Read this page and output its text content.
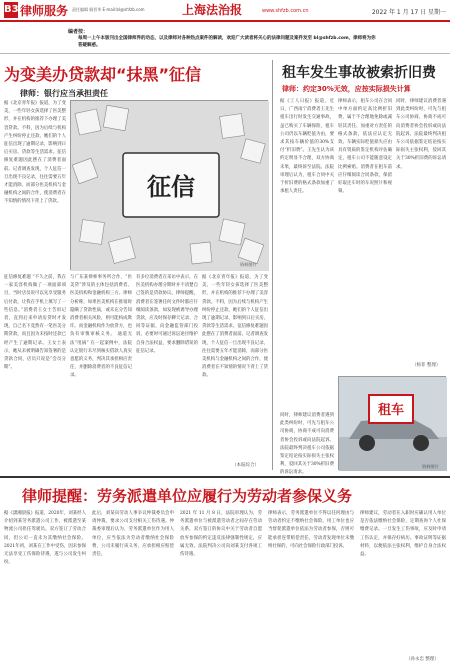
B3 律师服务 责任编辑 顾晋华 E-mail:bl@shfzb.com	上海法治报	www.shfzb.com.cn	2022 年 1 月 17 日 星期一
编者按：
每周一上午本版刊出全国律师界的动态，以及律师对各种热点案件的解读，欢迎广大读者将关心的法律问题及案件发至 bl@shfzb.com，律师将为你答疑解惑。
为变美办贷款却“抹黑”征信
律师：银行应当承担责任
据《北京青年报》报道，为了变美，一些年轻女孩选择了医美整形，并在机构的推荐下办理了美容贷款。不料，因为后续与机构产生纠纷停止还款，她们的个人征信出现了逾期记录，影响到日后买房、贷款等生活需求。征信修复难题因此摆在了消费者面前。记者调查发现，个人征信一旦出现不良记录，往往需要五年才能消除，而部分医美机构与金融机构之间的合作，使消费者在不知情的情况下背上了贷款。
征信
资料图片
征信修复难题 “不久之前，我在一家美容机构做了一项面部项目，当时店员说可以先享受服务后付款，让我在手机上填写了一些信息。”消费者王女士告诉记者，直到后来申请房贷时才发现，自己名下竟然有一笔医美分期贷款，而且因为未按时还款已经产生了逾期记录。王女士表示，她从未被明确告知签署的是贷款合同，店员只说是“会员分期”。
与广东某律师事务所合作，“医美贷”涉及的主体包括消费者、医美机构和金融机构三方。律师分析称，如果医美机构在推销时隐瞒了贷款性质，或未充分告知消费者相关风险，则可能构成欺诈。而金融机构作为放贷方，也负有审慎审核义务。 通道无法“甩锅” 在一起案例中，法院认定银行未尽到核实借款人真实意愿的义务，判决其承担相应责任，并删除消费者的不良征信记录。
有多位消费者在采访中表示，在医美机构办理分期时并不清楚自己签的是贷款协议。律师提醒，消费者在签署任何文件时都应仔细阅读条款，如发现被诱导办理贷款，应及时保存聊天记录、合同等证据，向金融监管部门投诉，必要时可通过诉讼途径维护自身合法权益，要求删除错误的征信记录。
据《北京青年报》报道，为了变美，一些年轻女孩选择了医美整形，并在机构的推荐下办理了美容贷款。不料，因为后续与机构产生纠纷停止还款，她们的个人征信出现了逾期记录，影响到日后买房、贷款等生活需求。征信修复难题因此摆在了消费者面前。记者调查发现，个人征信一旦出现不良记录，往往需要五年才能消除，而部分医美机构与金融机构之间的合作，使消费者在不知情的情况下背上了贷款。
（本报综合）
租车发生事故被索折旧费
律师：约定30%无效，应按实际损失计算
据《工人日报》报道，近日，广西南宁消费者王先生租车出行时发生交通事故，虽已购买了车辆保险，租车公司仍以车辆贬值为由，要求其按车辆价值的30%支付“折旧费”。王先生认为该约定明显不合理，双方协商未果，最终诉至法院。法院审理后认为，租车合同中关于折旧费的格式条款加重了承租人责任。
律师表示，租车公司在合同中单方面约定高比例折旧费，属于不合理地免除或减轻其责任、加重对方责任的格式条款，依法应认定无效。车辆实际贬值损失应由具有资质的鉴定机构评估确定，租车公司不能随意设定比例索赔。消费者在租车前应仔细阅读合同条款，保留好取还车时的车况照片和视频。
同时，律师建议消费者遇到此类纠纷时，可先与租车公司协商，协商不成可向消费者协会投诉或向法院起诉。法院最终判决租车公司依据鉴定结论按实际损失主张权利，驳回其关于30%折旧费的诉讼请求。
租车
资料图片
（杨菲 整理）
同时，律师建议消费者遇到此类纠纷时，可先与租车公司协商，协商不成可向消费者协会投诉或向法院起诉。法院最终判决租车公司依据鉴定结论按实际损失主张权利，驳回其关于30%折旧费的诉讼请求。
律师提醒：劳务派遣单位应履行为劳动者参保义务
据《潇湘晨报》报道，2020年，刘某经人介绍到某劳务派遣公司工作，被派遣至某物流公司担任驾驶员。双方签订了劳动合同，但公司一直未为其缴纳社会保险。2021年初，刘某在工作中受伤，因未参保无法享受工伤保险待遇，遂与公司发生纠纷。
此后，刘某向劳动人事争议仲裁委员会申请仲裁，要求公司支付相关工伤待遇。仲裁委审理后认为，劳务派遣单位作为用人单位，应当依法为劳动者缴纳社会保险费，公司未履行该义务，应承担相应赔偿责任。
2021 年 11 月 8 日，法院审理认为，劳务派遣单位与被派遣劳动者之间存在劳动关系，双方签订的协议中关于劳动者自愿放弃参保的约定违反法律强制性规定，应属无效。法院判决公司向刘某支付各项工伤待遇。
律师表示，劳务派遣单位不得以任何理由与劳动者约定不缴纳社会保险。用工单位也应当督促派遣单位依法为劳动者参保，否则可能承担连带赔偿责任。劳动者发现单位未缴纳社保的，可向社会保险行政部门投诉。
律师建议，劳动者在入职时应确认用人单位是否依法缴纳社会保险，定期查询个人社保缴费记录。一旦发生工伤事故，应及时申请工伤认定，并保存好病历、事故证明等证据材料，以便依法主张权利，维护自身合法权益。
（孙永忠 整理）
